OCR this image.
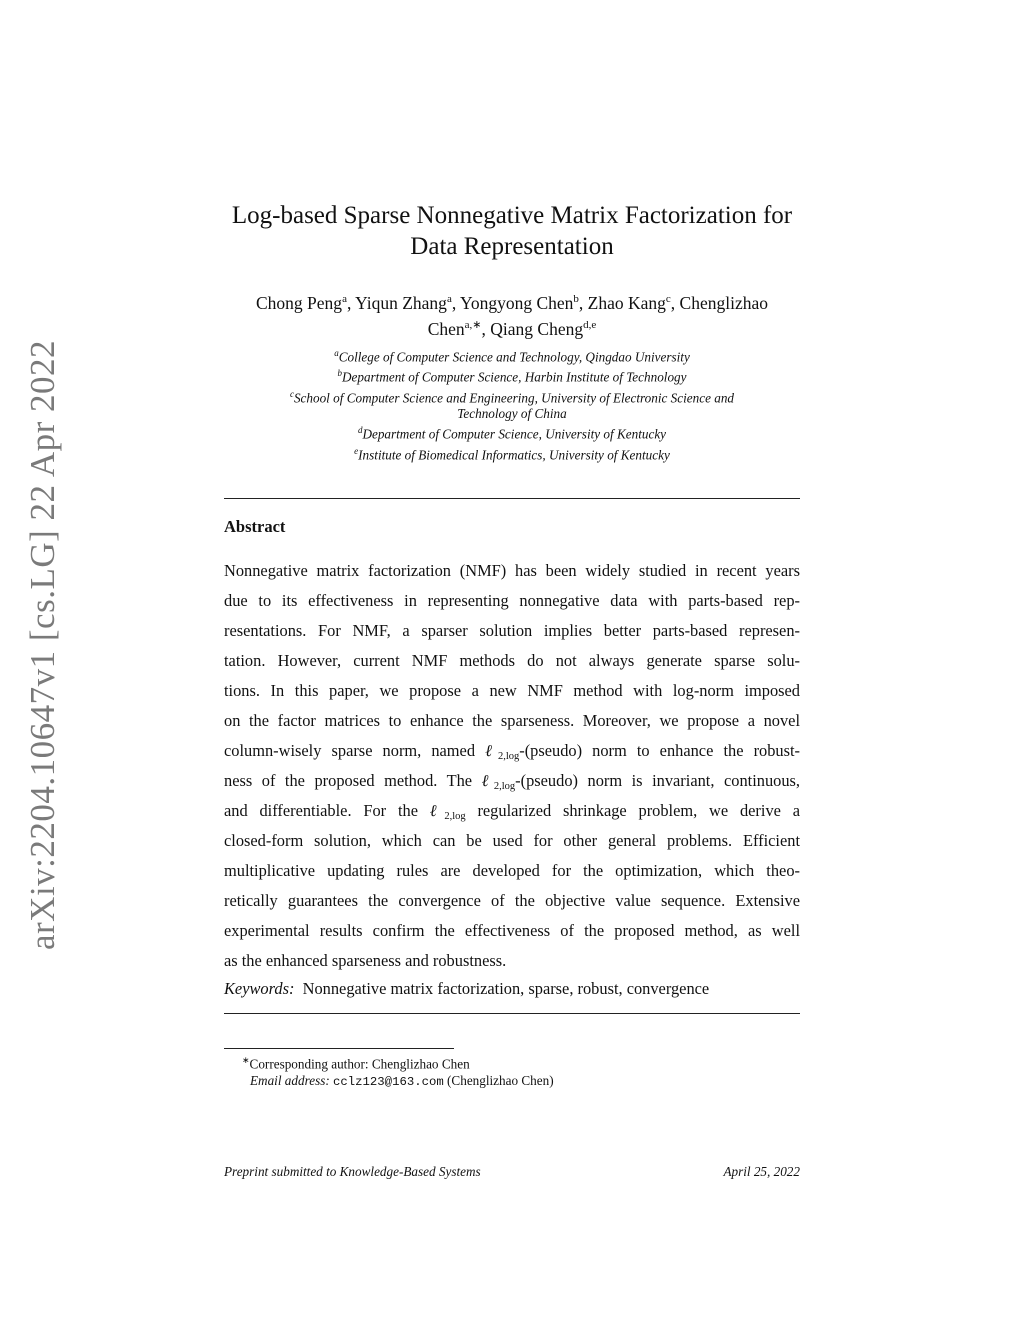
arXiv:2204.10647v1 [cs.LG] 22 Apr 2022
Log-based Sparse Nonnegative Matrix Factorization for
Data Representation
Chong Peng$^a$, Yiqun Zhang$^a$, Yongyong Chen$^b$, Zhao Kang$^c$, Chenglizhao
Chen$^{a,∗}$, Qiang Cheng$^{d,e}$
$^a$College of Computer Science and Technology, Qingdao University
$^b$Department of Computer Science, Harbin Institute of Technology
$^c$School of Computer Science and Engineering, University of Electronic Science and
Technology of China
$^d$Department of Computer Science, University of Kentucky
$^e$Institute of Biomedical Informatics, University of Kentucky
Abstract
Nonnegative matrix factorization (NMF) has been widely studied in recent years
due to its effectiveness in representing nonnegative data with parts-based rep-
resentations. For NMF, a sparser solution implies better parts-based represen-
tation. However, current NMF methods do not always generate sparse solu-
tions. In this paper, we propose a new NMF method with log-norm imposed
on the factor matrices to enhance the sparseness. Moreover, we propose a novel
column-wisely sparse norm, named ℓ$_{2,log}$-(pseudo) norm to enhance the robust-
ness of the proposed method. The ℓ$_{2,log}$-(pseudo) norm is invariant, continuous,
and differentiable. For the ℓ$_{2,log}$ regularized shrinkage problem, we derive a
closed-form solution, which can be used for other general problems. Efficient
multiplicative updating rules are developed for the optimization, which theo-
retically guarantees the convergence of the objective value sequence. Extensive
experimental results confirm the effectiveness of the proposed method, as well
as the enhanced sparseness and robustness.
Keywords: Nonnegative matrix factorization, sparse, robust, convergence
∗Corresponding author: Chenglizhao Chen
Email address: cclz123@163.com (Chenglizhao Chen)
Preprint submitted to Knowledge-Based Systems	April 25, 2022
